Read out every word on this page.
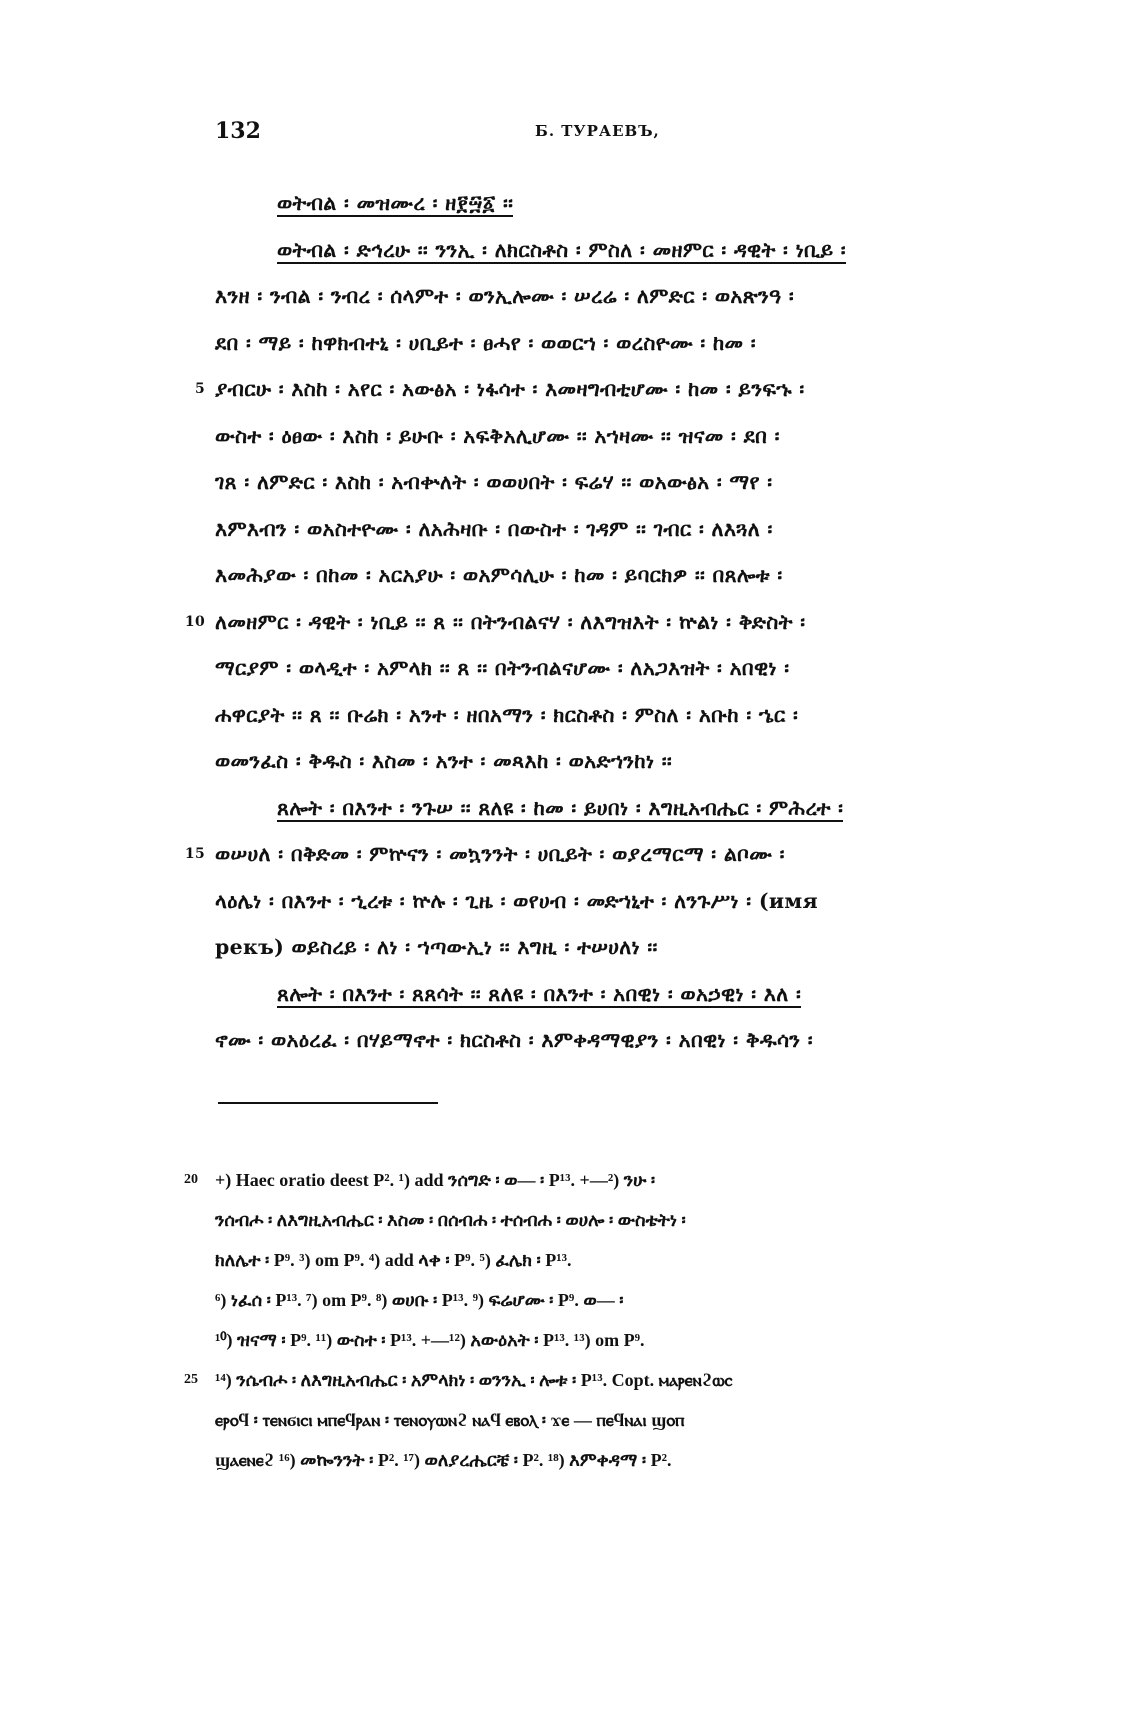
132	Б. ТУРАЕВЪ,
ወትብል ፡ መዝሙረ ፡ ዘ፻፵፩ ፡፡
ወትብል ፡ ድኅረሁ ፡፡ ንንኢ ፡ ለክርስቶስ ፡ ምስለ ፡ መዘምር ፡ ዳዊት ፡ ነቢይ ፡
እንዘ ፡ ንብል ፡ ንብረ ፡ ሰላምተ ፡ ወንኢሎሙ ፡ ሠረሬ ፡ ለምድር ፡ ወአጽንዓ ፡
ደበ ፡ ማይ ፡ ከዋክብተኒ ፡ ሀቢይተ ፡ ፀሓየ ፡ ወወርኀ ፡ ወረስዮሙ ፡ ከመ ፡
5 ያብርሁ ፡ እስከ ፡ አየር ፡ አውፅአ ፡ ነፋሳተ ፡ እመዛግብቲሆሙ ፡ ከመ ፡ ይንፍኁ ፡
ውስተ ፡ ዕፀው ፡ እስከ ፡ ይሁቡ ፡ አፍቅአሊሆሙ ፡፡ አኀዛሙ ፡፡ ዝናመ ፡ ደበ ፡
ገጸ ፡ ለምድር ፡ እስከ ፡ አብቍለት ፡ ወወሀበት ፡ ፍሬሃ ፡፡ ወአውፅአ ፡ ማየ ፡
እምእብን ፡ ወአስተዮሙ ፡ ለአሕዛቡ ፡ በውስተ ፡ ገዳም ፡፡ ገብር ፡ ለእጓለ ፡
እመሕያው ፡ በከመ ፡ አርአያሁ ፡ ወአምሳሊሁ ፡ ከመ ፡ ይባርክዎ ፡፡ በጸሎቱ ፡
10 ለመዘምር ፡ ዳዊት ፡ ነቢይ ፡፡ ጸ ፡፡ በትንብልናሃ ፡ ለእግዝእት ፡ ኵልነ ፡ ቅድስት ፡
ማርያም ፡ ወላዲተ ፡ አምላክ ፡፡ ጸ ፡፡ በትንብልናሆሙ ፡ ለአጋእዝት ፡ አበዊነ ፡
ሐዋርያት ፡፡ ጸ ፡፡ ቡሬክ ፡ አንተ ፡ ዘበአማን ፡ ክርስቶስ ፡ ምስለ ፡ አቡከ ፡ ኄር ፡
ወመንፈስ ፡ ቅዱስ ፡ እስመ ፡ አንተ ፡ መጻእከ ፡ ወአድኀንከነ ፡፡
ጸሎት ፡ በእንተ ፡ ንጉሠ ፡፡ ጸለዩ ፡ ከመ ፡ ይሀበነ ፡ እግዚአብሔር ፡ ምሕረተ ፡
15 ወሠሀለ ፡ በቅድመ ፡ ምኵናን ፡ መኳንንት ፡ ሀቢይት ፡ ወያረማርማ ፡ ልቦሙ ፡
ላዕሌነ ፡ በእንተ ፡ ኂረቱ ፡ ኵሉ ፡ ጊዜ ፡ ወየሀብ ፡ መድኀኒተ ፡ ለንጉሥነ ፡ (имя
рекъ) ወይስረይ ፡ ለነ ፡ ኀጣውኢነ ፡፡ እግዚ ፡ ተሠሀለነ ፡፡
ጸሎት ፡ በእንተ ፡ ጸጸሳት ፡፡ ጸለዩ ፡ በእንተ ፡ አበዊነ ፡ ወአኃዊነ ፡ እለ ፡
ኖሙ ፡ ወአዕረፈ ፡ በሃይማኖተ ፡ ክርስቶስ ፡ እምቀዳማዊያን ፡ አበዊነ ፡ ቅዱሳን ፡
20 +) Haec oratio deest P². ¹) add ንሰግድ ፡ ወ— ፡ P¹³. +—²) ንሁ ፡
ንሰብሖ ፡ ለእግዚአብሔር ፡ እስመ ፡ በሰብሐ ፡ ተሰብሐ ፡ ወሀሎ ፡ ውስቴትነ ፡
ክለሌተ ፡ P⁹. ³) om P⁹. ⁴) add ላቀ ፡ P⁹. ⁵) ፈሌክ ፡ P¹³.
⁶) ነፈሰ ፡ P¹³. ⁷) om P⁹. ⁸) ወሀቡ ፡ P¹³. ⁹) ፍሬሆሙ ፡ P⁹. ወ— ፡
¹⁰) ዝናማ ፡ P⁹. ¹¹) ውስተ ፡ P¹³. +—¹²) አውዕአት ፡ P¹³. ¹³) om P⁹.
25 ¹⁴) ንሴብሖ ፡ ለእግዚአብሔር ፡ አምላክነ ፡ ወንንኢ ፡ ሎቱ ፡ P¹³. Copt. ⲙⲁⲣⲉⲛϩⲱⲥ
ⲉⲣⲟϥ ፡ ⲧⲉⲛϭⲓⲥⲓ ⲙⲡⲉϥⲣⲁⲛ ፡ ⲧⲉⲛⲟⲩⲱⲛϩ ⲛⲁϥ ⲉⲃⲟⲗ ፡ ϫⲉ — ⲡⲉϥⲛⲁⲓ ϣⲟⲡ
ϣⲁⲉⲛⲉϩ ¹⁶) መኰንንት ፡ P². ¹⁷) ወለያረሔርቼ ፡ P². ¹⁸) እምቀዳማ ፡ P².
